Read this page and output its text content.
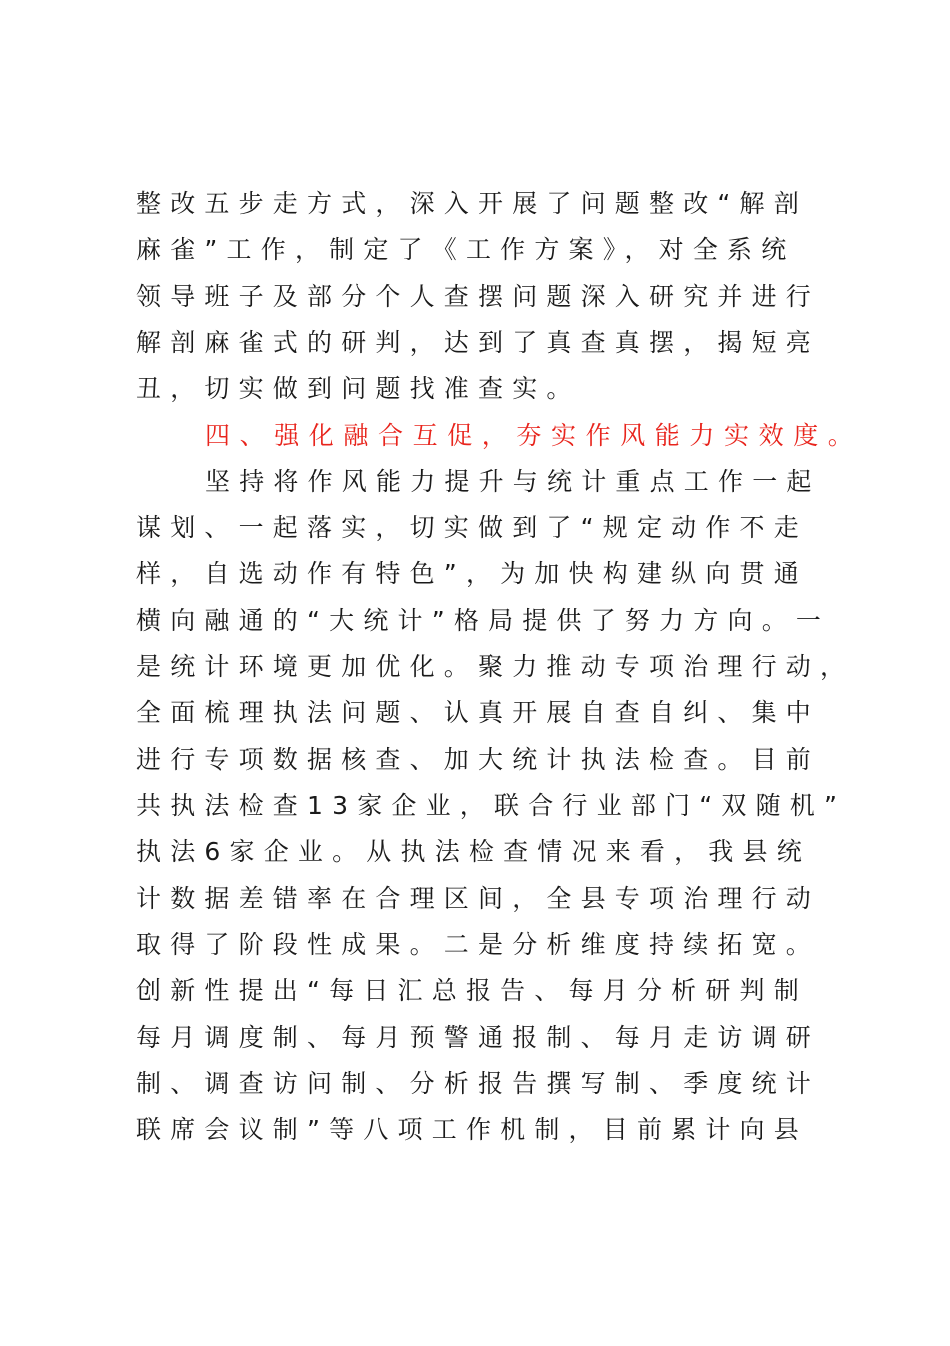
整改五步走方式，深入开展了问题整改“解剖
麻雀”工作，制定了《工作方案》，对全系统
领导班子及部分个人查摆问题深入研究并进行
解剖麻雀式的研判，达到了真查真摆，揭短亮
丑，切实做到问题找准查实。
四、强化融合互促，夯实作风能力实效度。
坚持将作风能力提升与统计重点工作一起
谋划、一起落实，切实做到了“规定动作不走
样，自选动作有特色”，为加快构建纵向贯通
横向融通的“大统计”格局提供了努力方向。一
是统计环境更加优化。聚力推动专项治理行动，
全面梳理执法问题、认真开展自查自纠、集中
进行专项数据核查、加大统计执法检查。目前
共执法检查13家企业，联合行业部门“双随机”
执法6家企业。从执法检查情况来看，我县统
计数据差错率在合理区间，全县专项治理行动
取得了阶段性成果。二是分析维度持续拓宽。
创新性提出“每日汇总报告、每月分析研判制
每月调度制、每月预警通报制、每月走访调研
制、调查访问制、分析报告撰写制、季度统计
联席会议制”等八项工作机制，目前累计向县
